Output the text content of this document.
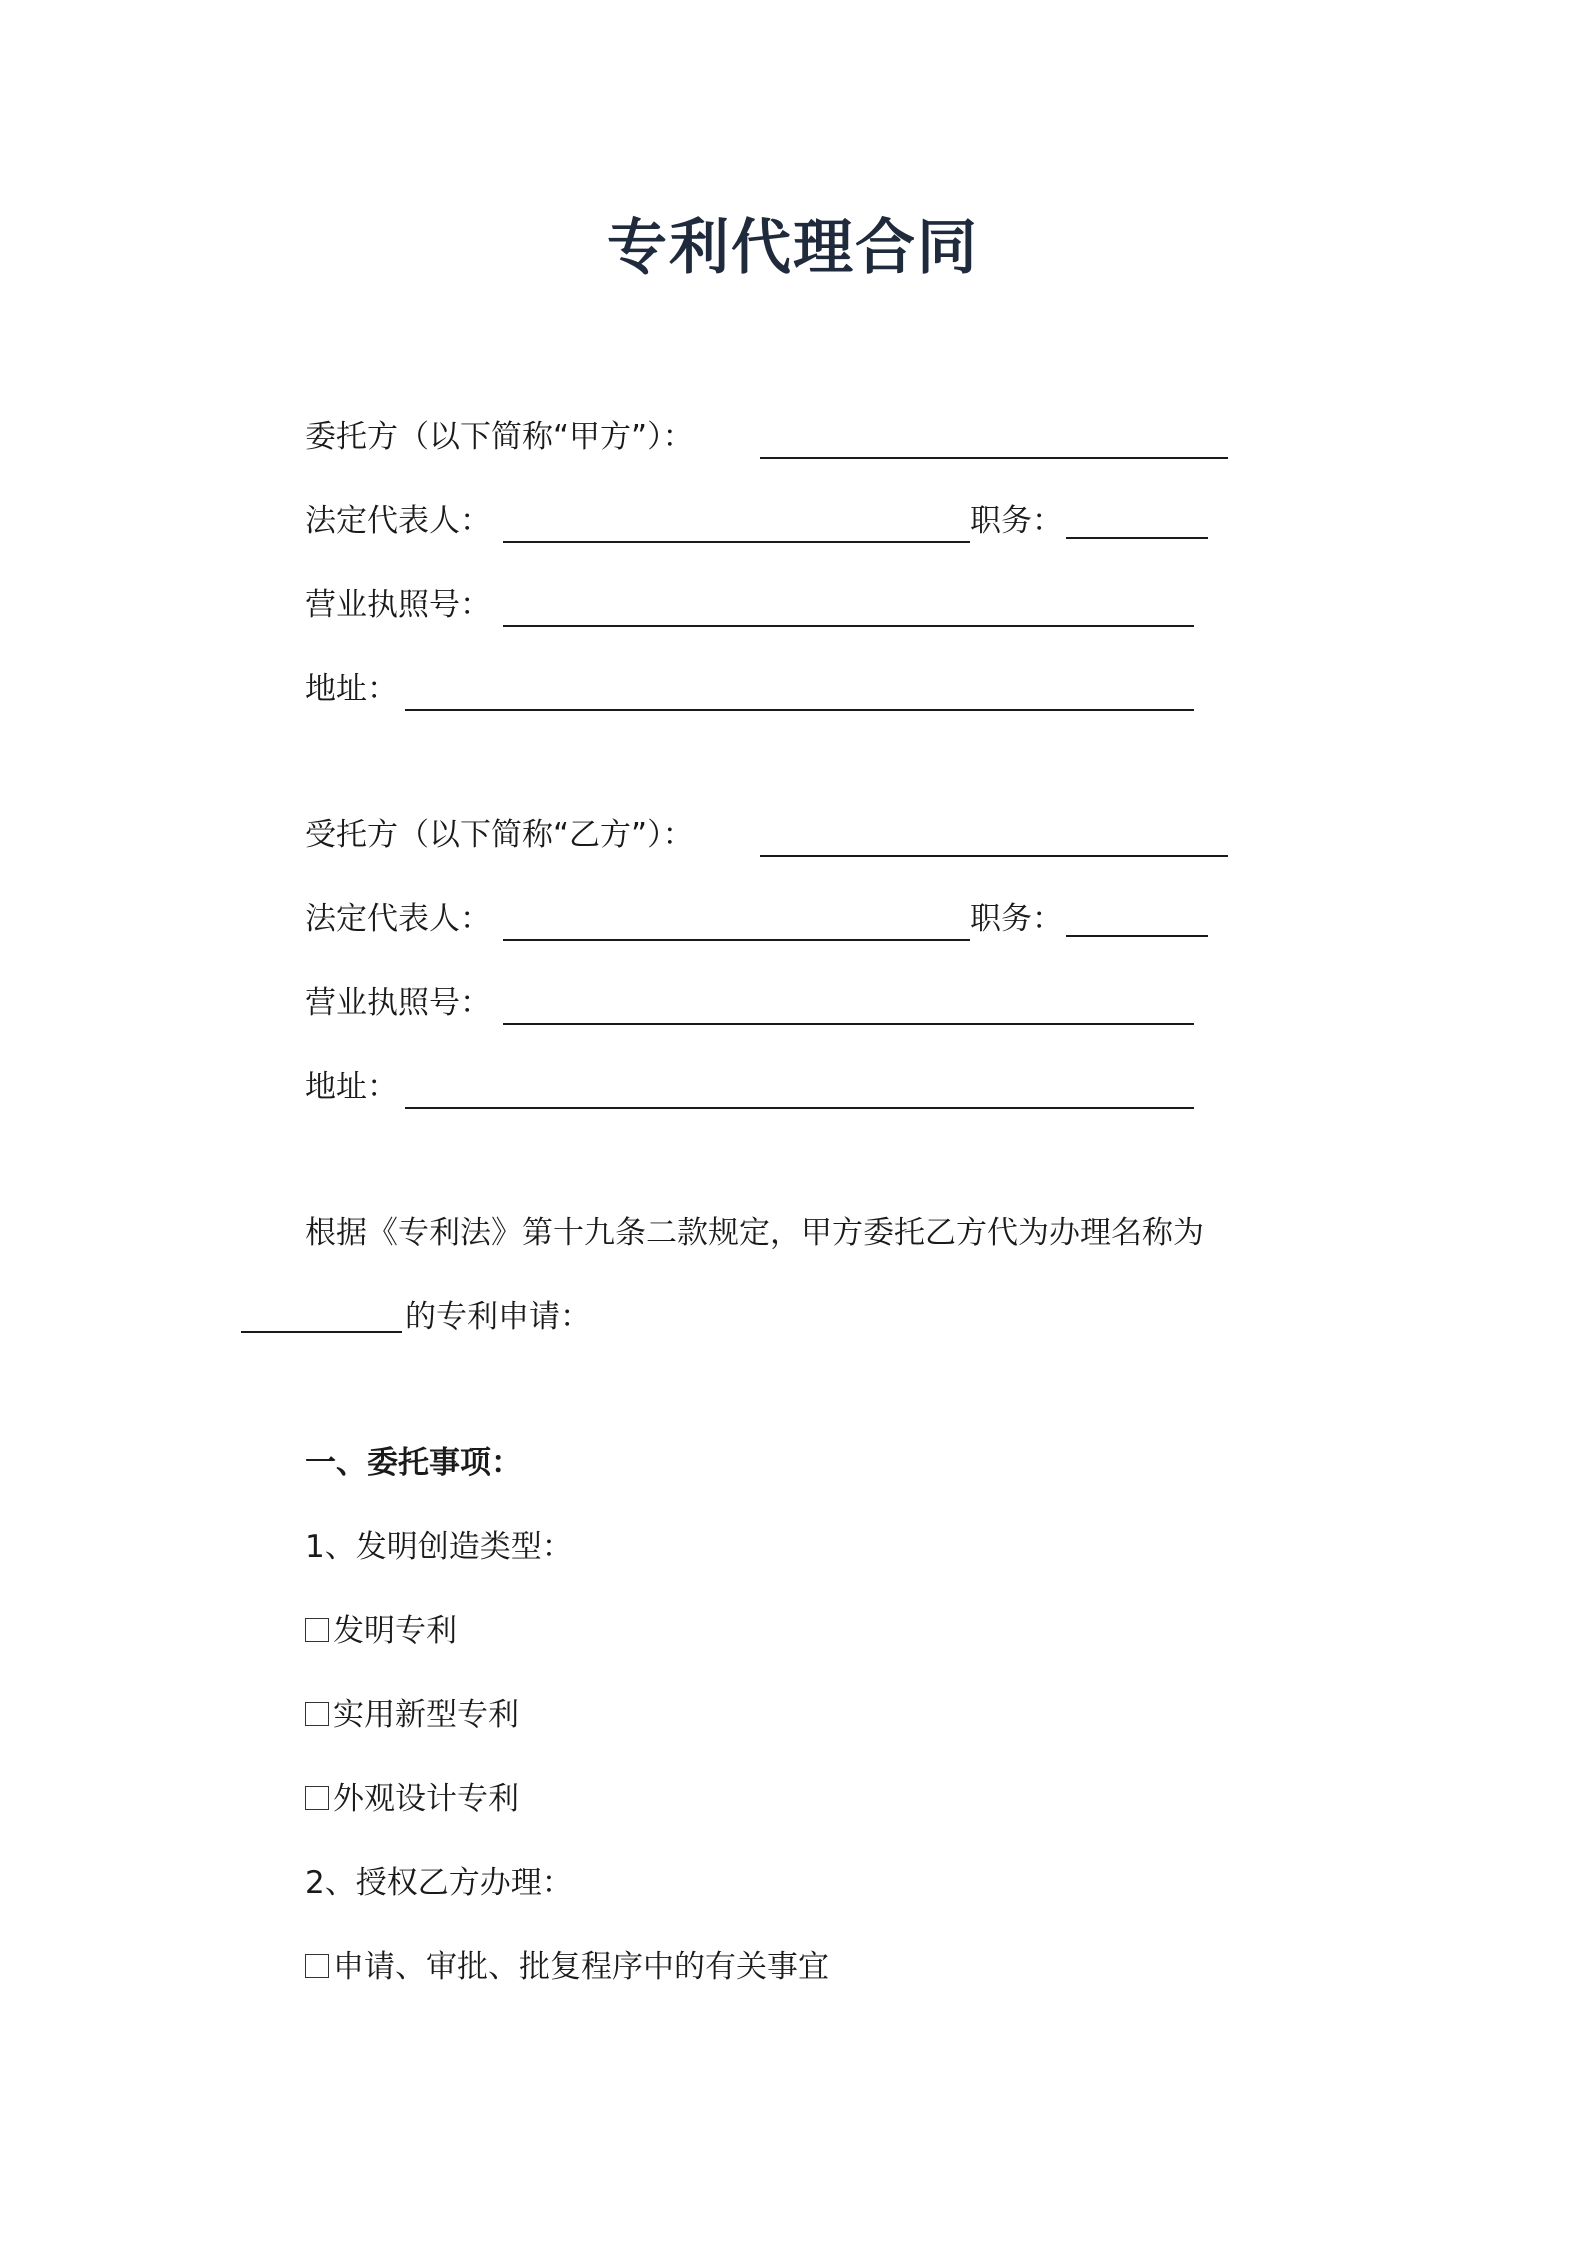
专利代理合同
委托方（以下简称“甲方”）：
法定代表人：	职务：
营业执照号：
地址：
受托方（以下简称“乙方”）：
法定代表人：	职务：
营业执照号：
地址：
根据《专利法》第十九条二款规定，甲方委托乙方代为办理名称为
的专利申请：
一、委托事项：
1、发明创造类型：
发明专利
实用新型专利
外观设计专利
2、授权乙方办理：
申请、审批、批复程序中的有关事宜
